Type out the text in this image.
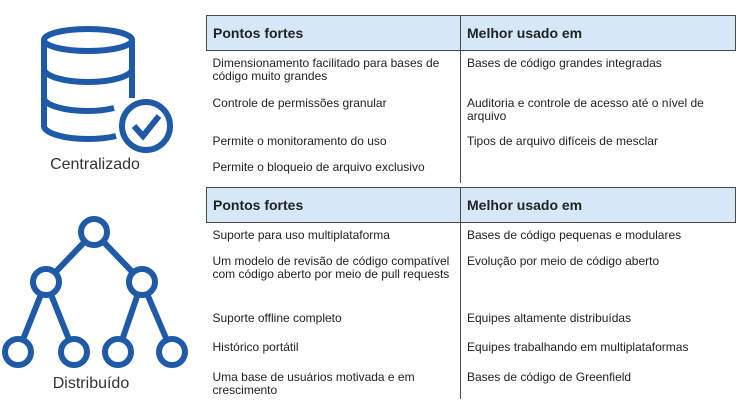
Centralizado
Distribuído
Pontos fortes	Melhor usado em
Dimensionamento facilitado para bases de código muito grandes	Bases de código grandes integradas
Controle de permissões granular	Auditoria e controle de acesso até o nível de arquivo
Permite o monitoramento do uso	Tipos de arquivo difíceis de mesclar
Permite o bloqueio de arquivo exclusivo	
Pontos fortes	Melhor usado em
Suporte para uso multiplataforma	Bases de código pequenas e modulares
Um modelo de revisão de código compatível com código aberto por meio de pull requests	Evolução por meio de código aberto
Suporte offline completo	Equipes altamente distribuídas
Histórico portátil	Equipes trabalhando em multiplataformas
Uma base de usuários motivada e em crescimento	Bases de código de Greenfield
